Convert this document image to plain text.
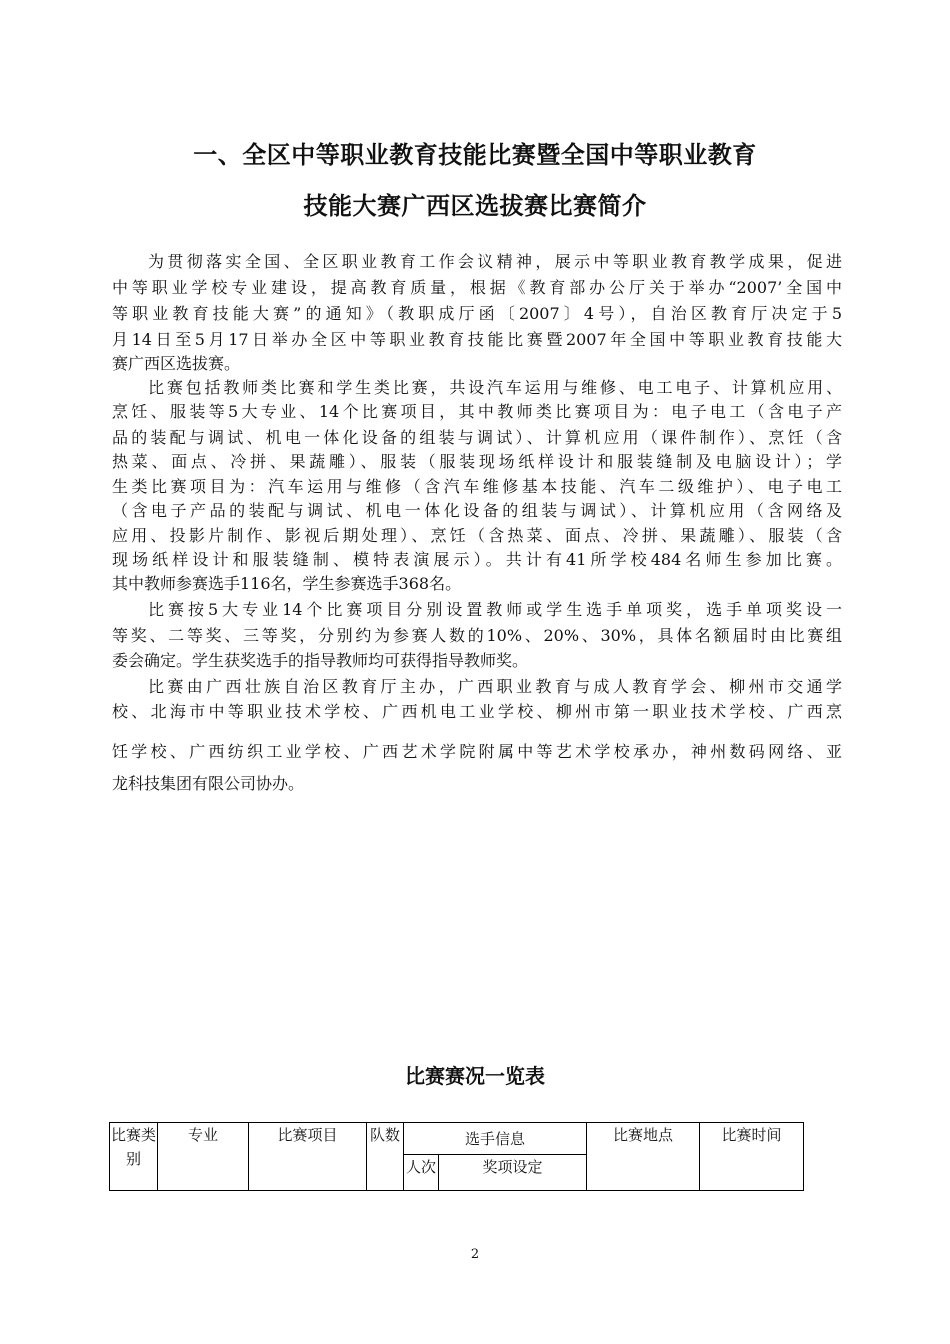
一、全区中等职业教育技能比赛暨全国中等职业教育
技能大赛广西区选拔赛比赛简介
为贯彻落实全国、全区职业教育工作会议精神，展示中等职业教育教学成果，促进
中等职业学校专业建设，提高教育质量，根据《教育部办公厅关于举办“2007’全国中
等职业教育技能大赛”的通知》（教职成厅函〔2007〕4号），自治区教育厅决定于5
月14日至5月17日举办全区中等职业教育技能比赛暨2007年全国中等职业教育技能大
赛广西区选拔赛。
比赛包括教师类比赛和学生类比赛，共设汽车运用与维修、电工电子、计算机应用、
烹饪、服装等5大专业、14个比赛项目，其中教师类比赛项目为：电子电工（含电子产
品的装配与调试、机电一体化设备的组装与调试）、计算机应用（课件制作）、烹饪（含
热菜、面点、冷拼、果蔬雕）、服装（服装现场纸样设计和服装缝制及电脑设计）；学
生类比赛项目为：汽车运用与维修（含汽车维修基本技能、汽车二级维护）、电子电工
（含电子产品的装配与调试、机电一体化设备的组装与调试）、计算机应用（含网络及
应用、投影片制作、影视后期处理）、烹饪（含热菜、面点、冷拼、果蔬雕）、服装（含
现场纸样设计和服装缝制、模特表演展示）。共计有41所学校484名师生参加比赛。
其中教师参赛选手116名，学生参赛选手368名。
比赛按5大专业14个比赛项目分别设置教师或学生选手单项奖，选手单项奖设一
等奖、二等奖、三等奖，分别约为参赛人数的10%、20%、30%，具体名额届时由比赛组
委会确定。学生获奖选手的指导教师均可获得指导教师奖。
比赛由广西壮族自治区教育厅主办，广西职业教育与成人教育学会、柳州市交通学
校、北海市中等职业技术学校、广西机电工业学校、柳州市第一职业技术学校、广西烹
饪学校、广西纺织工业学校、广西艺术学院附属中等艺术学校承办，神州数码网络、亚
龙科技集团有限公司协办。
比赛赛况一览表
比赛类别	专业	比赛项目	队数	选手信息		比赛地点	比赛时间
				人次	奖项设定		
2
